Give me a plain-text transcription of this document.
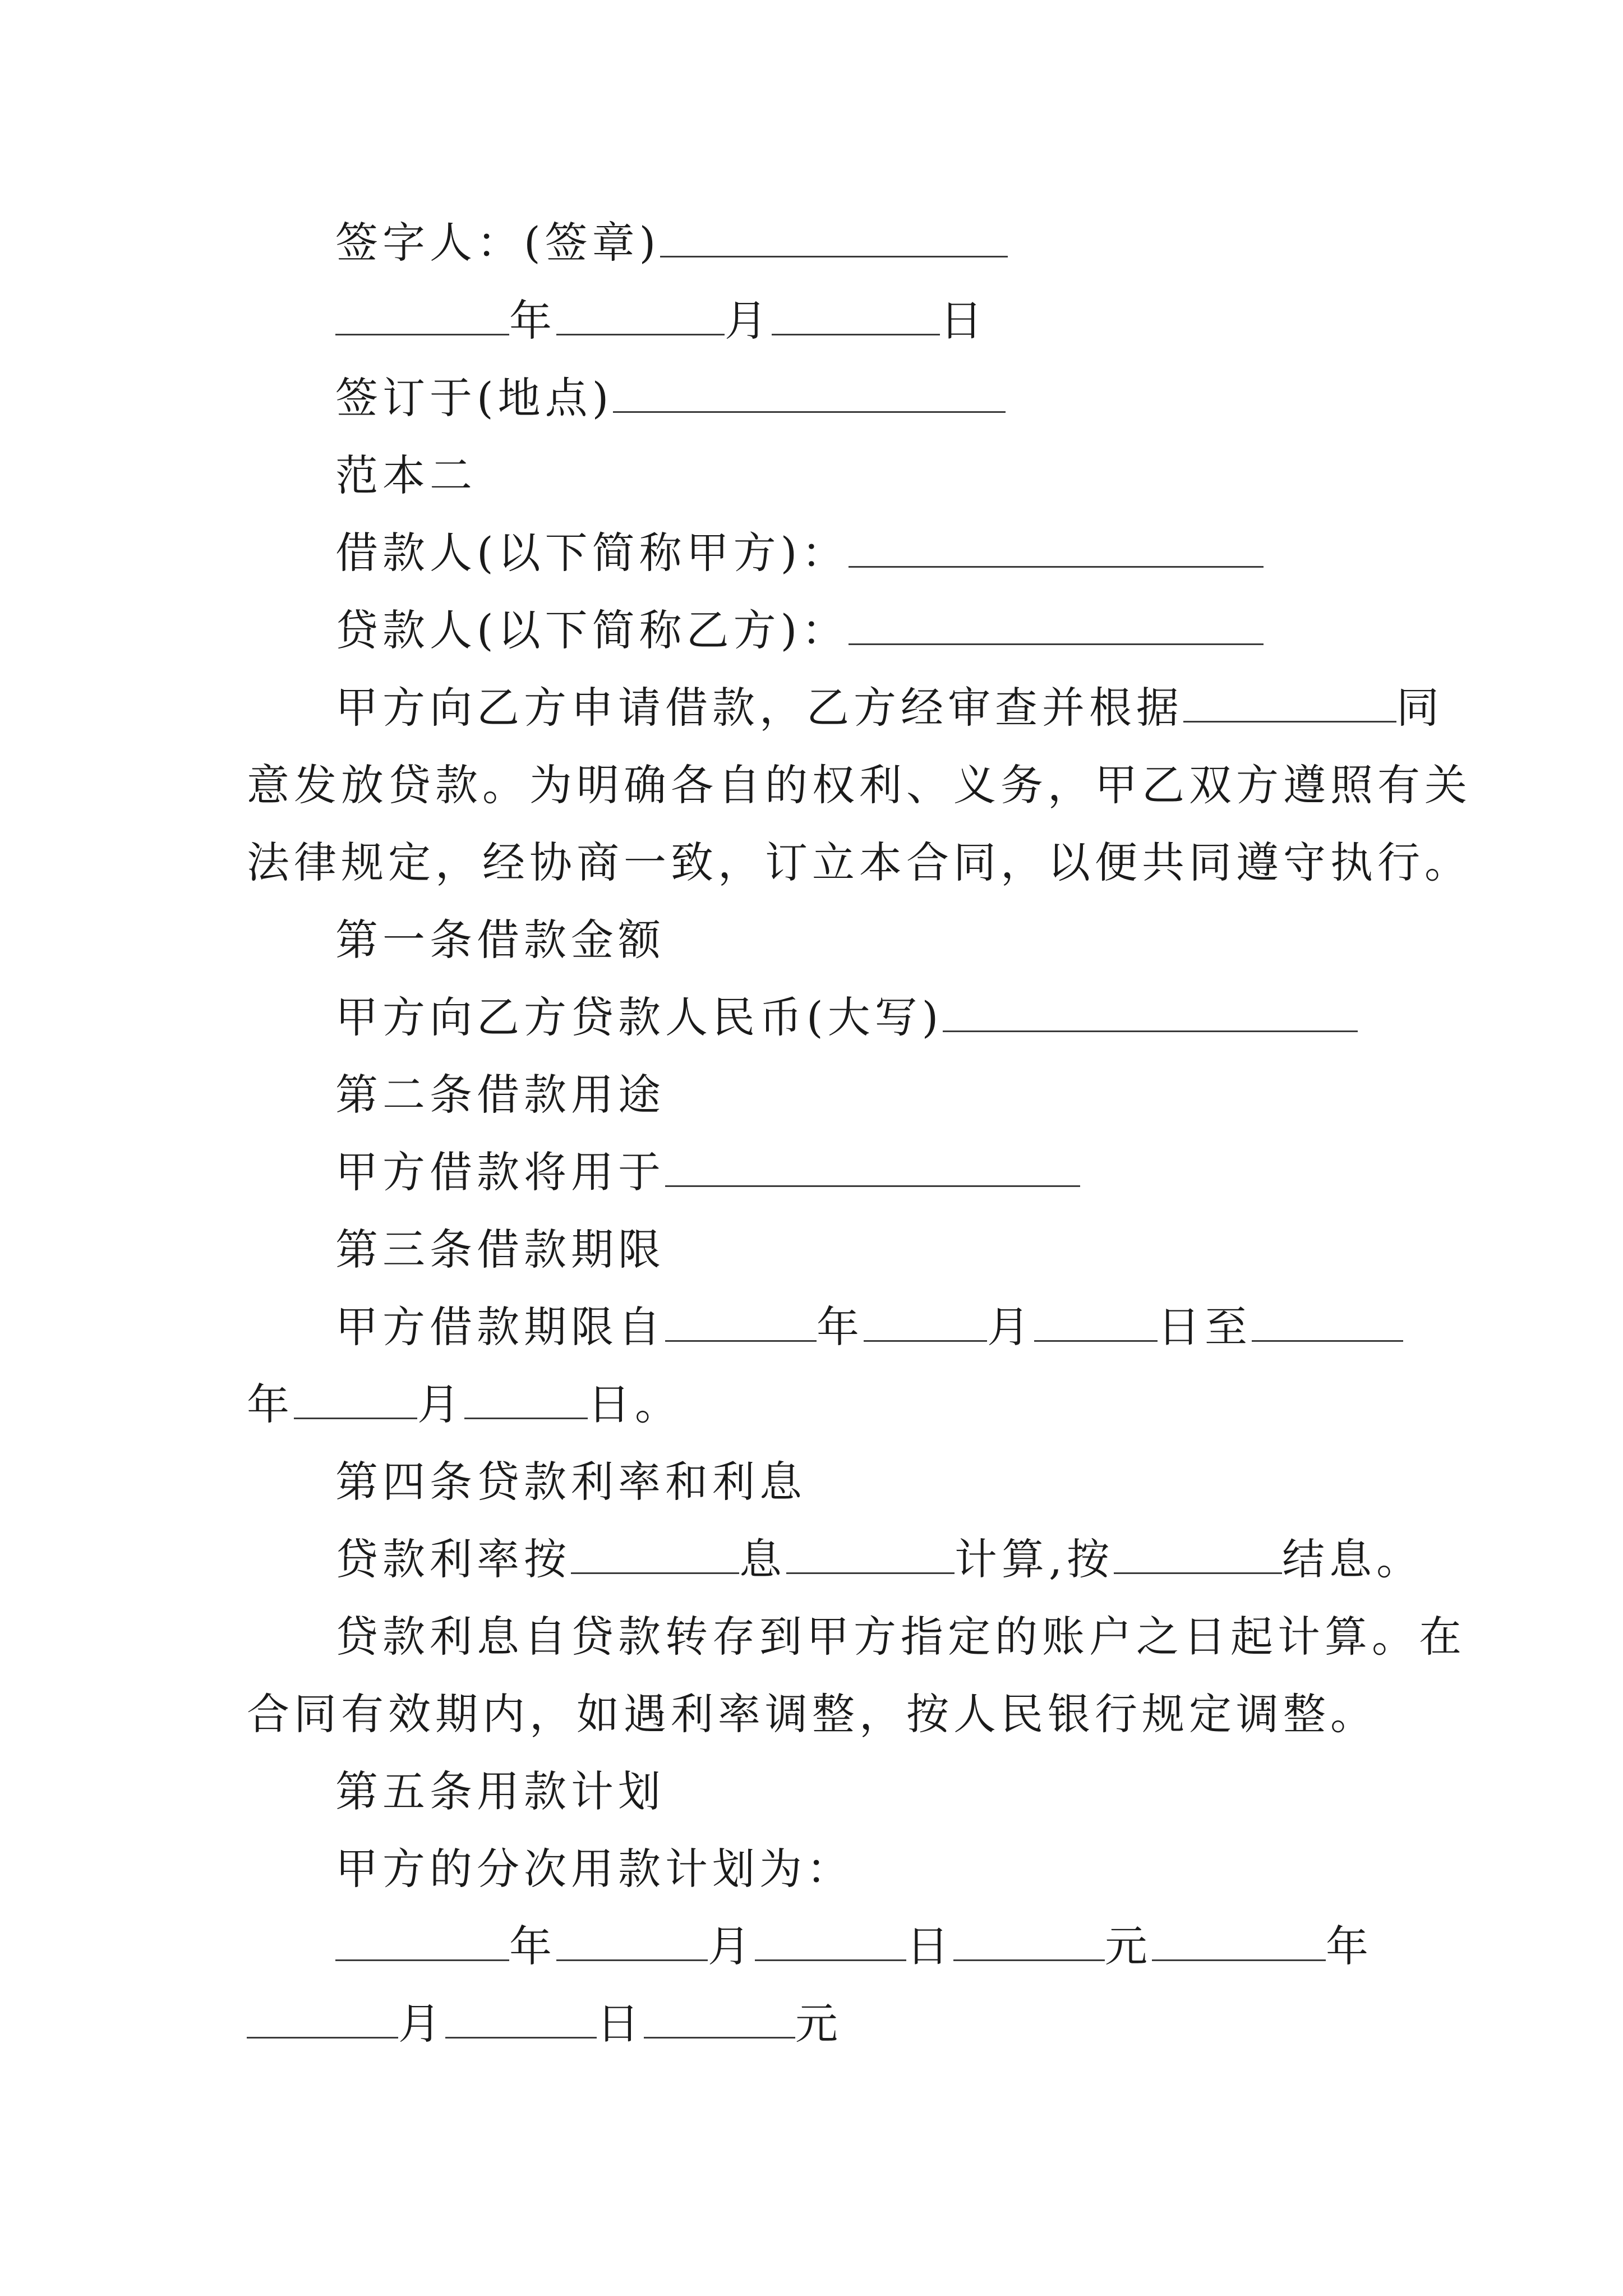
签字人：(签章)
年	月	日
签订于(地点)
范本二
借款人(以下简称甲方)：
贷款人(以下简称乙方)：
甲方向乙方申请借款，乙方经审查并根据	同
意发放贷款。为明确各自的权利、义务，甲乙双方遵照有关
法律规定，经协商一致，订立本合同，以便共同遵守执行。
第一条借款金额
甲方向乙方贷款人民币(大写)
第二条借款用途
甲方借款将用于
第三条借款期限
甲方借款期限自	年	月	日至
年	月	日。
第四条贷款利率和利息
贷款利率按	息	计算,按	结息。
贷款利息自贷款转存到甲方指定的账户之日起计算。在
合同有效期内，如遇利率调整，按人民银行规定调整。
第五条用款计划
甲方的分次用款计划为：
年	月	日	元	年
月	日	元
